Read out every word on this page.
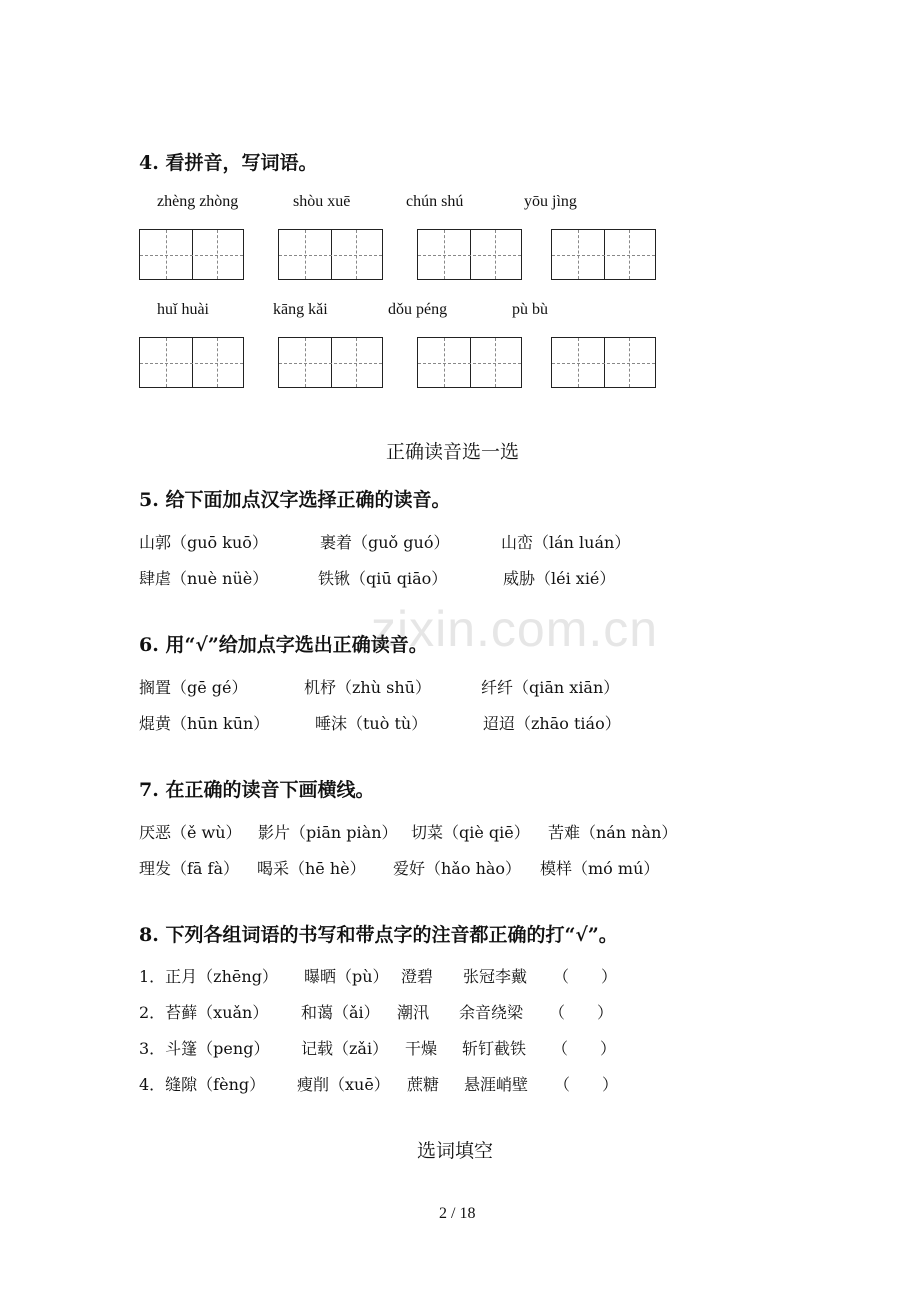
zixin.com.cn
4. 看拼音，写词语。
zhèng zhòng	shòu xuē	chún shú	yōu jìng
huǐ huài	kāng kǎi	dǒu péng	pù bù
正确读音选一选
5. 给下面加点汉字选择正确的读音。
山郭（guō kuō）	裹着（guǒ guó）	山峦（lán luán）
肆虐（nuè nüè）	铁锹（qiū qiāo）	威胁（léi xié）
6. 用“√”给加点字选出正确读音。
搁置（gē gé）	机杼（zhù shū）	纤纤（qiān xiān）
焜黄（hūn kūn）	唾沫（tuò tù）	迢迢（zhāo tiáo）
7. 在正确的读音下画横线。
厌恶（ě wù） 影片（piān piàn） 切菜（qiè qiē） 苦难（nán nàn）
理发（fā fà） 喝采（hē hè） 爱好（hǎo hào） 模样（mó mú）
8. 下列各组词语的书写和带点字的注音都正确的打“√”。
1．正月（zhēng） 曝晒（pù） 澄碧 张冠李戴 （　　）
2．苔藓（xuǎn） 和蔼（ǎi） 潮汛 余音绕梁 （　　）
3．斗篷（peng） 记载（zǎi） 干燥 斩钉截铁 （　　）
4．缝隙（fèng） 瘦削（xuē） 蔗糖 悬涯峭壁 （　　）
选词填空
2 / 18
